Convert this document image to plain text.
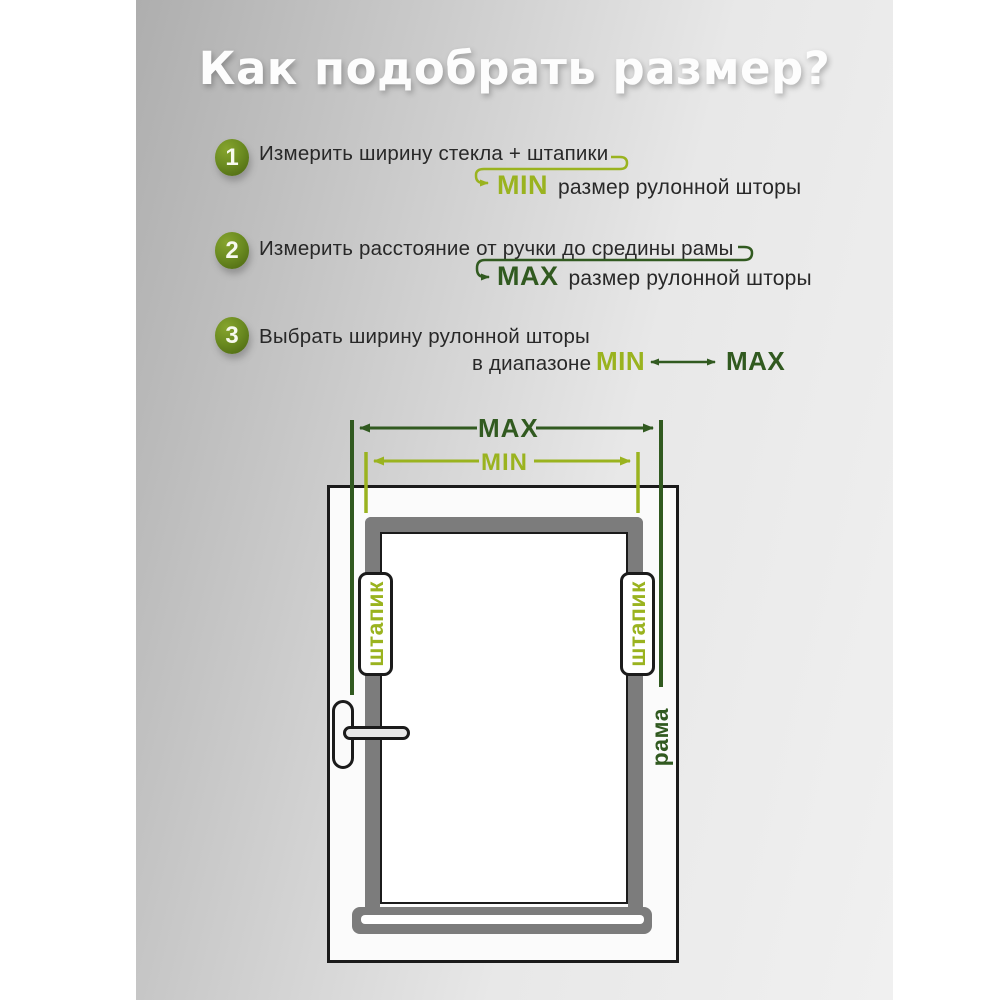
Как подобрать размер?
1 Измерить ширину стекла + штапики
MIN размер рулонной шторы
2 Измерить расстояние от ручки до средины рамы
MAX размер рулонной шторы
3 Выбрать ширину рулонной шторы
в диапазоне MIN	MAX
MAX
MIN
штапик	штапик
рама
